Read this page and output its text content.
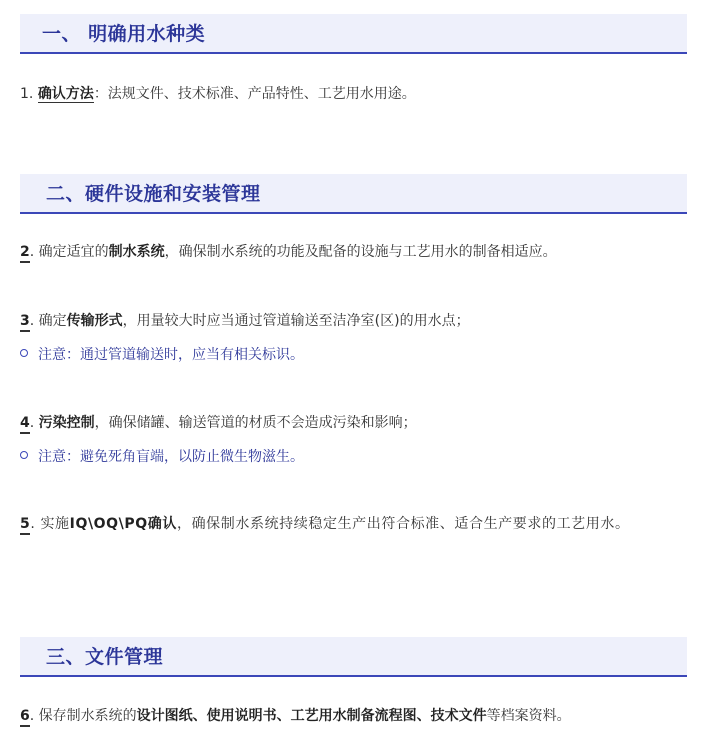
一、 明确用水种类
1. 确认方法：法规文件、技术标准、产品特性、工艺用水用途。
二、硬件设施和安装管理
2. 确定适宜的制水系统，确保制水系统的功能及配备的设施与工艺用水的制备相适应。
3. 确定传输形式，用量较大时应当通过管道输送至洁净室(区)的用水点；
注意：通过管道输送时，应当有相关标识。
4. 污染控制，确保储罐、输送管道的材质不会造成污染和影响；
注意：避免死角盲端，以防止微生物滋生。
5. 实施IQ\OQ\PQ确认，确保制水系统持续稳定生产出符合标准、适合生产要求的工艺用水。
三、文件管理
6. 保存制水系统的设计图纸、使用说明书、工艺用水制备流程图、技术文件等档案资料。
